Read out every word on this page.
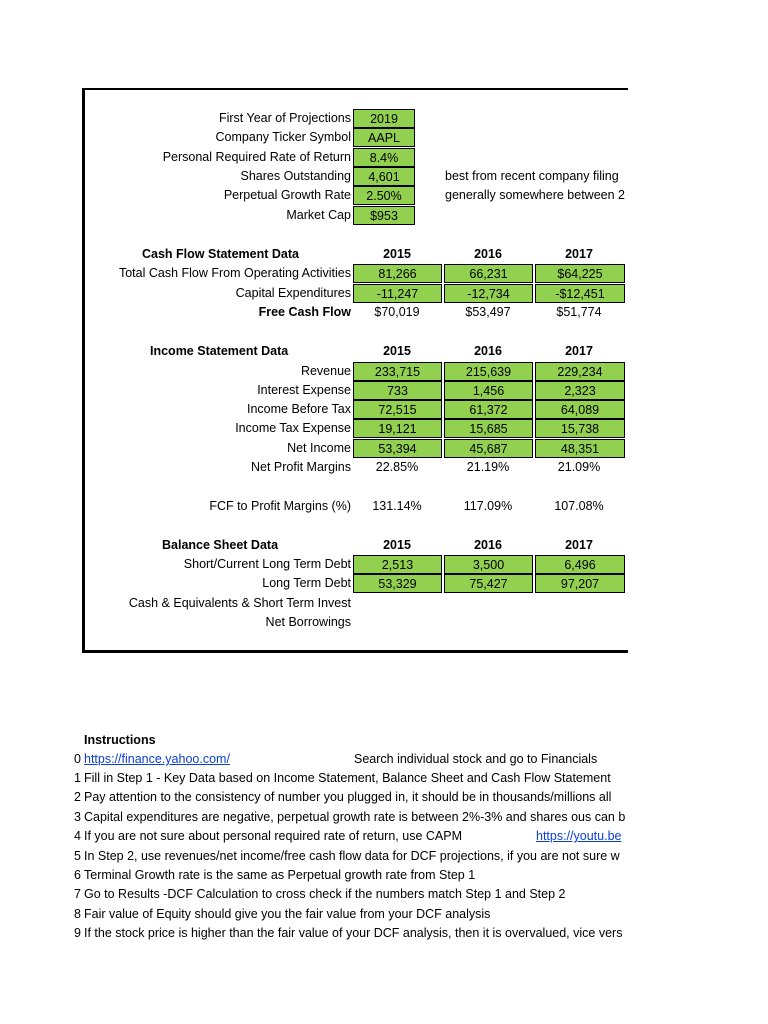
First Year of Projections	2019
Company Ticker Symbol	AAPL
Personal Required Rate of Return	8.4%
Shares Outstanding	4,601	best from recent company filing
Perpetual Growth Rate	2.50%	generally somewhere between 2
Market Cap	$953
Cash Flow Statement Data	2015	2016	2017
Total Cash Flow From Operating Activities	81,266	66,231	$64,225
Capital Expenditures	-11,247	-12,734	-$12,451
Free Cash Flow	$70,019	$53,497	$51,774
Income Statement Data	2015	2016	2017
Revenue	233,715	215,639	229,234
Interest Expense	733	1,456	2,323
Income Before Tax	72,515	61,372	64,089
Income Tax Expense	19,121	15,685	15,738
Net Income	53,394	45,687	48,351
Net Profit Margins	22.85%	21.19%	21.09%
FCF to Profit Margins (%)	131.14%	117.09%	107.08%
Balance Sheet Data	2015	2016	2017
Short/Current Long Term Debt	2,513	3,500	6,496
Long Term Debt	53,329	75,427	97,207
Cash & Equivalents & Short Term Invest
Net Borrowings
Instructions
0 https://finance.yahoo.com/	Search individual stock and go to Financials
1 Fill in Step 1 - Key Data based on Income Statement, Balance Sheet and Cash Flow Statement
2 Pay attention to the consistency of number you plugged in, it should be in thousands/millions all
3 Capital expenditures are negative, perpetual growth rate is between 2%-3% and shares ous can b
4 If you are not sure about personal required rate of return, use CAPM	https://youtu.be
5 In Step 2, use revenues/net income/free cash flow data for DCF projections, if you are not sure w
6 Terminal Growth rate is the same as Perpetual growth rate from Step 1
7 Go to Results -DCF Calculation to cross check if the numbers match Step 1 and Step 2
8 Fair value of Equity should give you the fair value from your DCF analysis
9 If the stock price is higher than the fair value of your DCF analysis, then it is overvalued, vice vers
